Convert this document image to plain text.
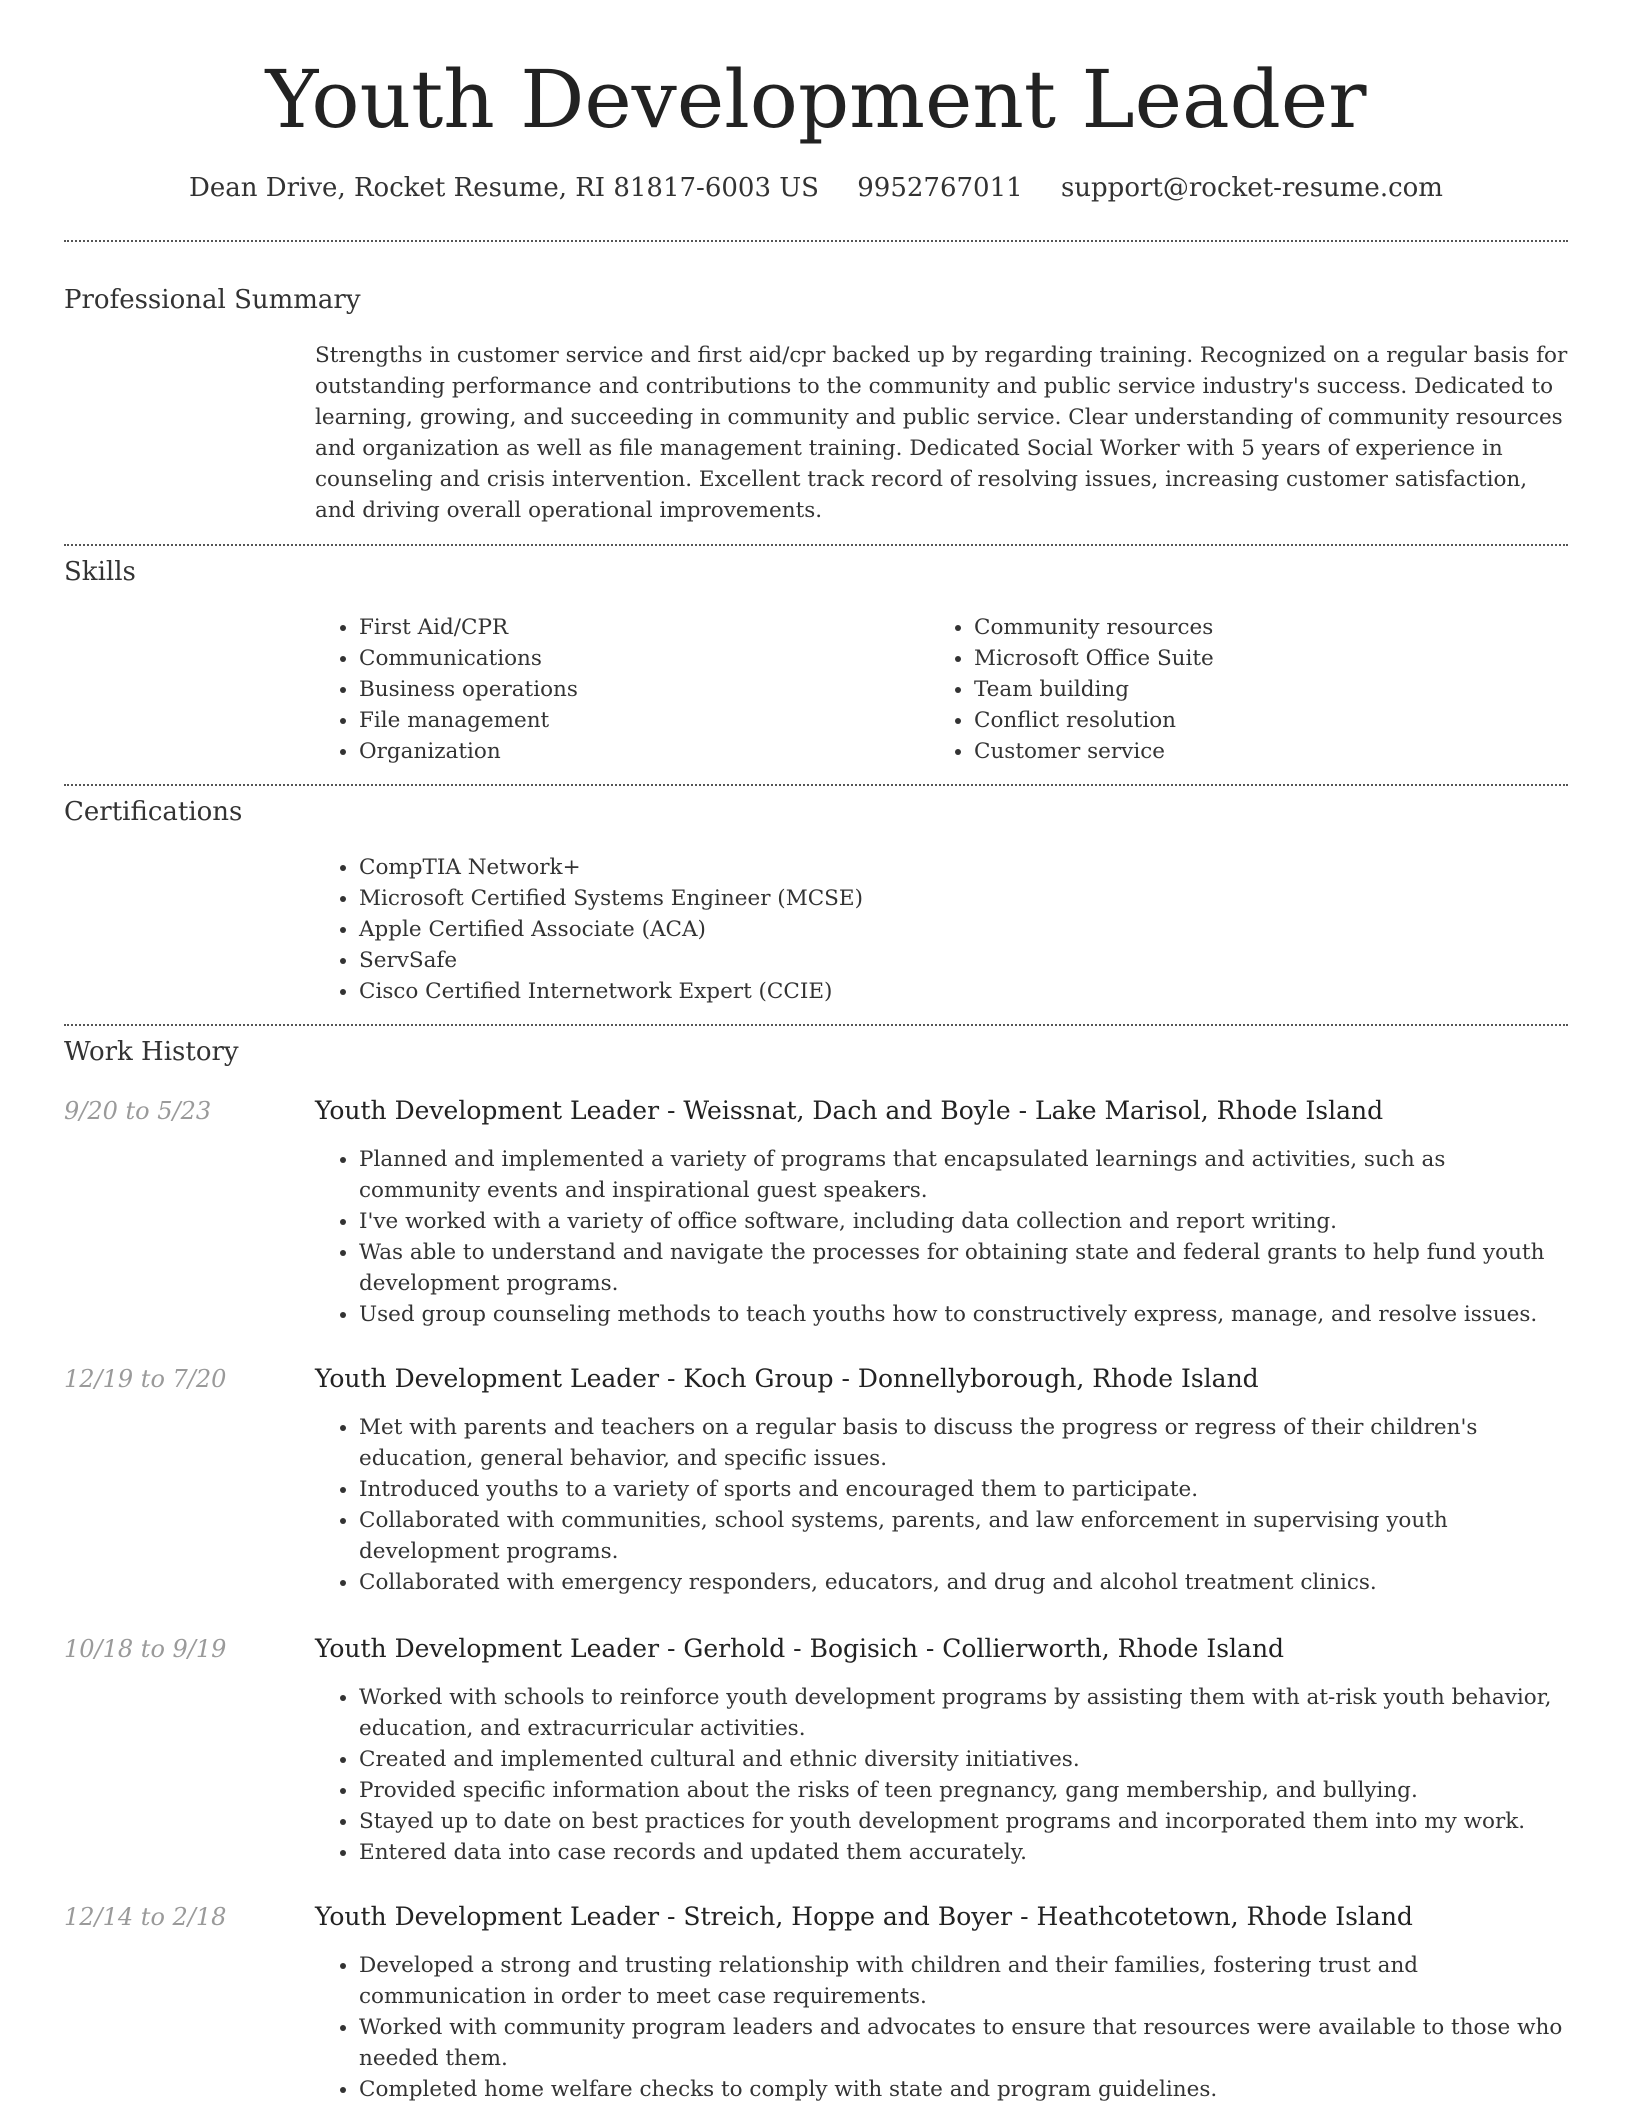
Youth Development Leader
Dean Drive, Rocket Resume, RI 81817-6003 US 9952767011 support@rocket-resume.com
Professional Summary

Strengths in customer service and first aid/cpr backed up by regarding training. Recognized on a regular basis for outstanding performance and contributions to the community and public service industry's success. Dedicated to learning, growing, and succeeding in community and public service. Clear understanding of community resources and organization as well as file management training. Dedicated Social Worker with 5 years of experience in counseling and crisis intervention. Excellent track record of resolving issues, increasing customer satisfaction, and driving overall operational improvements.

Skills
• First Aid/CPR
• Communications
• Business operations
• File management
• Organization
• Community resources
• Microsoft Office Suite
• Team building
• Conflict resolution
• Customer service
Certifications
• CompTIA Network+
• Microsoft Certified Systems Engineer (MCSE)
• Apple Certified Associate (ACA)
• ServSafe
• Cisco Certified Internetwork Expert (CCIE)
Work History
9/20 to 5/23	Youth Development Leader - Weissnat, Dach and Boyle - Lake Marisol, Rhode Island
• Planned and implemented a variety of programs that encapsulated learnings and activities, such as community events and inspirational guest speakers.
• I've worked with a variety of office software, including data collection and report writing.
• Was able to understand and navigate the processes for obtaining state and federal grants to help fund youth development programs.
• Used group counseling methods to teach youths how to constructively express, manage, and resolve issues.
12/19 to 7/20	Youth Development Leader - Koch Group - Donnellyborough, Rhode Island
• Met with parents and teachers on a regular basis to discuss the progress or regress of their children's education, general behavior, and specific issues.
• Introduced youths to a variety of sports and encouraged them to participate.
• Collaborated with communities, school systems, parents, and law enforcement in supervising youth development programs.
• Collaborated with emergency responders, educators, and drug and alcohol treatment clinics.
10/18 to 9/19	Youth Development Leader - Gerhold - Bogisich - Collierworth, Rhode Island
• Worked with schools to reinforce youth development programs by assisting them with at-risk youth behavior, education, and extracurricular activities.
• Created and implemented cultural and ethnic diversity initiatives.
• Provided specific information about the risks of teen pregnancy, gang membership, and bullying.
• Stayed up to date on best practices for youth development programs and incorporated them into my work.
• Entered data into case records and updated them accurately.
12/14 to 2/18	Youth Development Leader - Streich, Hoppe and Boyer - Heathcotetown, Rhode Island
• Developed a strong and trusting relationship with children and their families, fostering trust and communication in order to meet case requirements.
• Worked with community program leaders and advocates to ensure that resources were available to those who needed them.
• Completed home welfare checks to comply with state and program guidelines.
